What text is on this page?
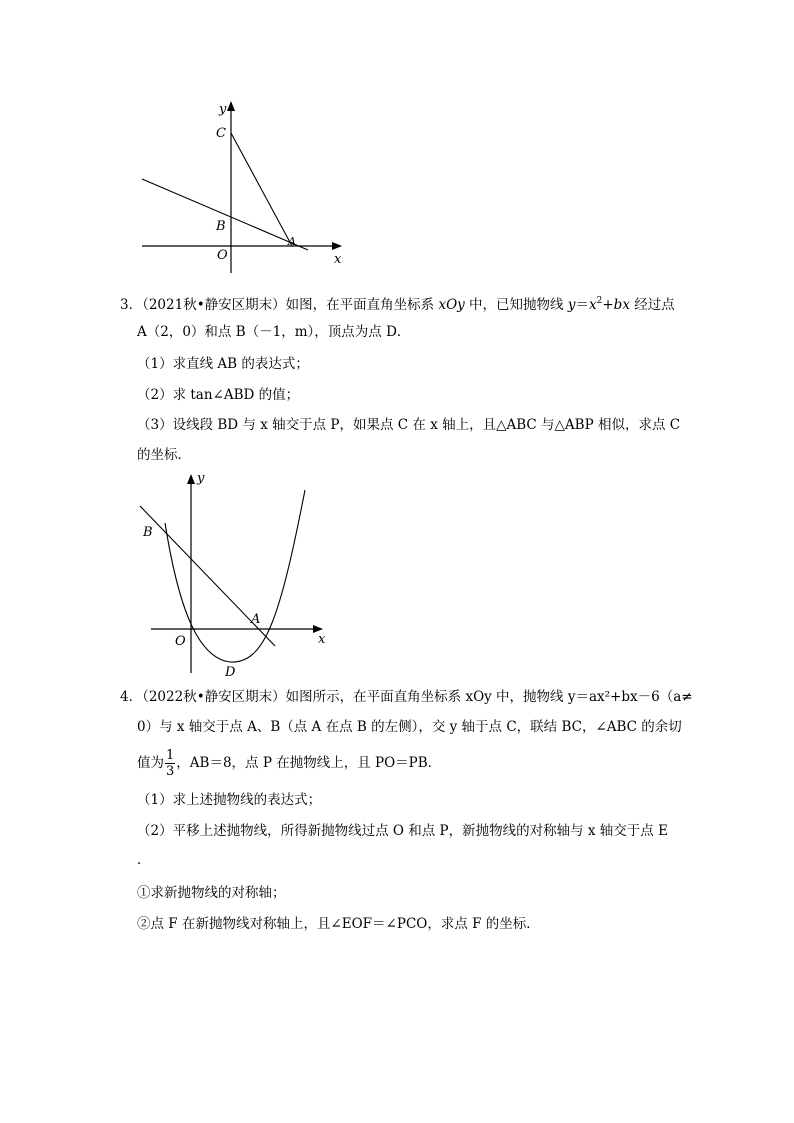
y
x
C
B
A
O
3．（2021秋•静安区期末）如图，在平面直角坐标系 xOy 中，已知抛物线 $y=x^2+bx$ 经过点
A（2，0）和点 B（－1，m），顶点为点 D．
（1）求直线 AB 的表达式；
（2）求 tan∠ABD 的值；
（3）设线段 BD 与 x 轴交于点 P，如果点 C 在 x 轴上，且△ABC 与△ABP 相似，求点 C
的坐标．
y
x
B
A
O
D
4．（2022秋•静安区期末）如图所示，在平面直角坐标系 xOy 中，抛物线 y＝ax²+bx－6（a≠
0）与 x 轴交于点 A、B（点 A 在点 B 的左侧），交 y 轴于点 C，联结 BC，∠ABC 的余切
值为 $\frac{1}{3}$ ，AB＝8，点 P 在抛物线上，且 PO＝PB．
（1）求上述抛物线的表达式；
（2）平移上述抛物线，所得新抛物线过点 O 和点 P，新抛物线的对称轴与 x 轴交于点 E
．
①求新抛物线的对称轴；
②点 F 在新抛物线对称轴上，且∠EOF＝∠PCO，求点 F 的坐标．
